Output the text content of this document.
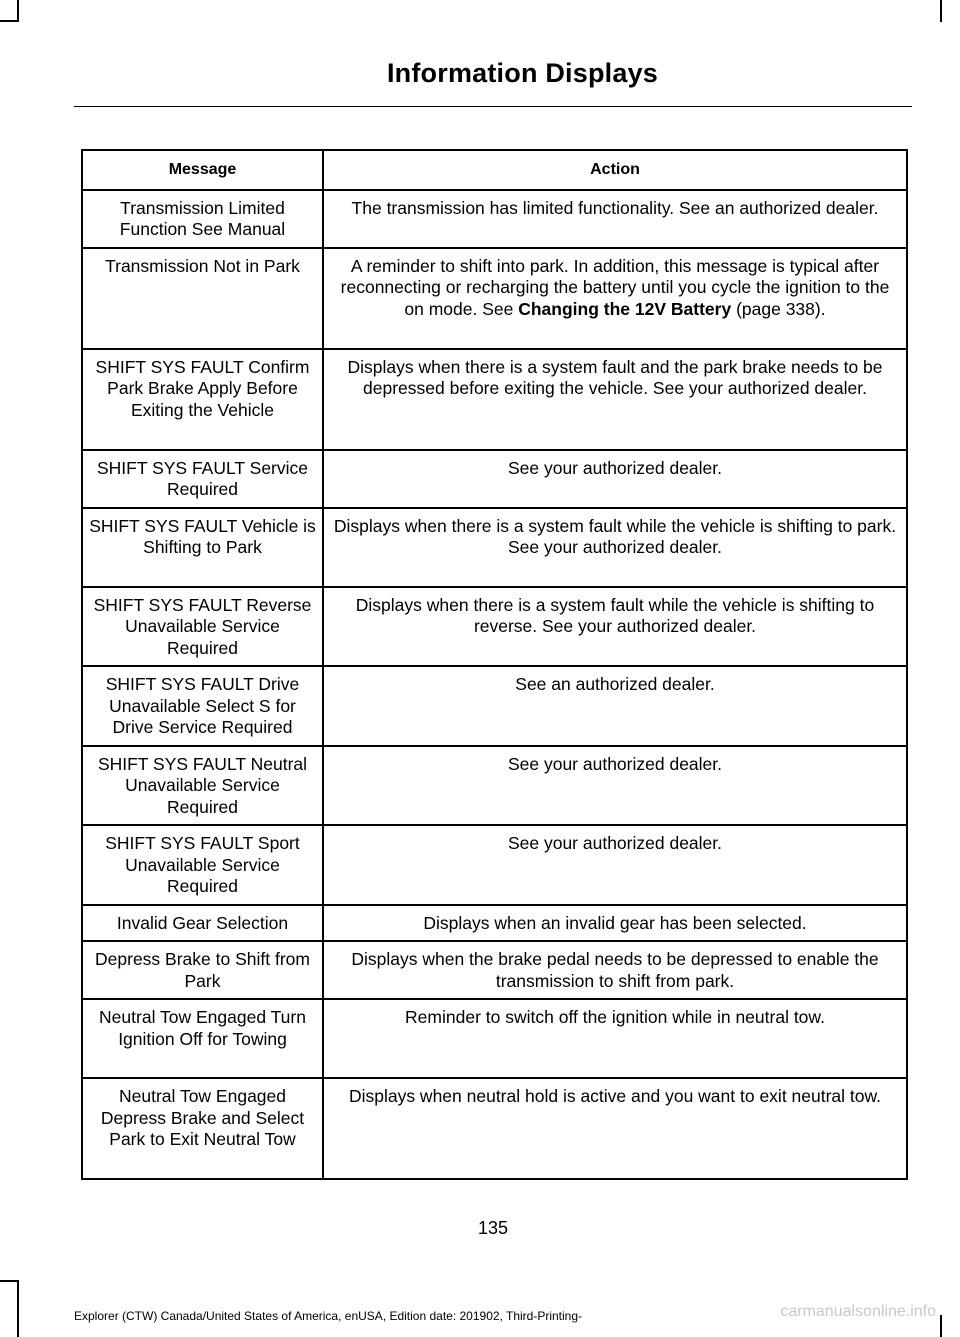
Information Displays
Message	Action
Transmission Limited Function See Manual	The transmission has limited functionality. See an authorized dealer.
Transmission Not in Park	A reminder to shift into park. In addition, this message is typical after reconnecting or recharging the battery until you cycle the ignition to the on mode. See Changing the 12V Battery (page 338).
SHIFT SYS FAULT Confirm Park Brake Apply Before Exiting the Vehicle	Displays when there is a system fault and the park brake needs to be depressed before exiting the vehicle. See your authorized dealer.
SHIFT SYS FAULT Service Required	See your authorized dealer.
SHIFT SYS FAULT Vehicle is Shifting to Park	Displays when there is a system fault while the vehicle is shifting to park. See your authorized dealer.
SHIFT SYS FAULT Reverse Unavailable Service Required	Displays when there is a system fault while the vehicle is shifting to reverse. See your authorized dealer.
SHIFT SYS FAULT Drive Unavailable Select S for Drive Service Required	See an authorized dealer.
SHIFT SYS FAULT Neutral Unavailable Service Required	See your authorized dealer.
SHIFT SYS FAULT Sport Unavailable Service Required	See your authorized dealer.
Invalid Gear Selection	Displays when an invalid gear has been selected.
Depress Brake to Shift from Park	Displays when the brake pedal needs to be depressed to enable the transmission to shift from park.
Neutral Tow Engaged Turn Ignition Off for Towing	Reminder to switch off the ignition while in neutral tow.
Neutral Tow Engaged Depress Brake and Select Park to Exit Neutral Tow	Displays when neutral hold is active and you want to exit neutral tow.
135
Explorer (CTW) Canada/United States of America, enUSA, Edition date: 201902, Third-Printing-	carmanualsonline.info
